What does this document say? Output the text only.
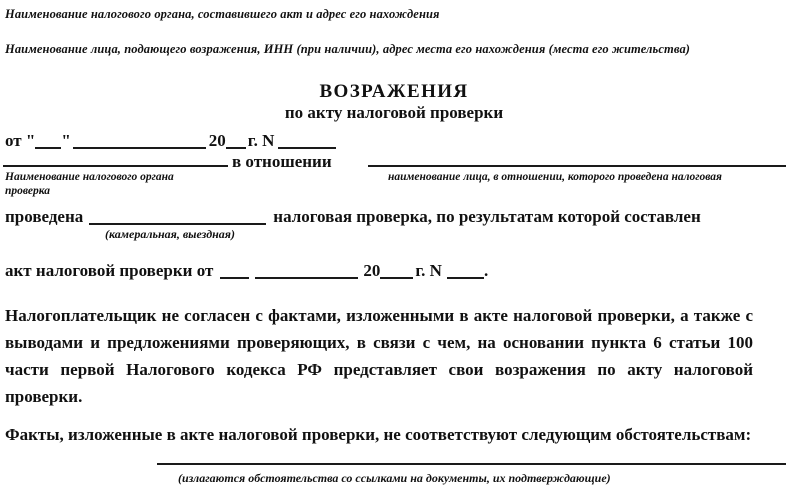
Наименование налогового органа, составившего акт и адрес его нахождения
Наименование лица, подающего возражения, ИНН (при наличии), адрес места его нахождения (места его жительства)
ВОЗРАЖЕНИЯ
по акту налоговой проверки
от " "	20 г. N
в отношении
Наименование налогового органа
проверка
наименование лица, в отношении, которого проведена налоговая
проведена	налоговая проверка, по результатам которой составлен
(камеральная, выездная)
акт налоговой проверки от	20 г. N .
Налогоплательщик не согласен с фактами, изложенными в акте налоговой проверки, а также с выводами и предложениями проверяющих, в связи с чем, на основании пункта 6 статьи 100 части первой Налогового кодекса РФ представляет свои возражения по акту налоговой проверки.
Факты, изложенные в акте налоговой проверки, не соответствуют следующим обстоятельствам:
(излагаются обстоятельства со ссылками на документы, их подтверждающие)
